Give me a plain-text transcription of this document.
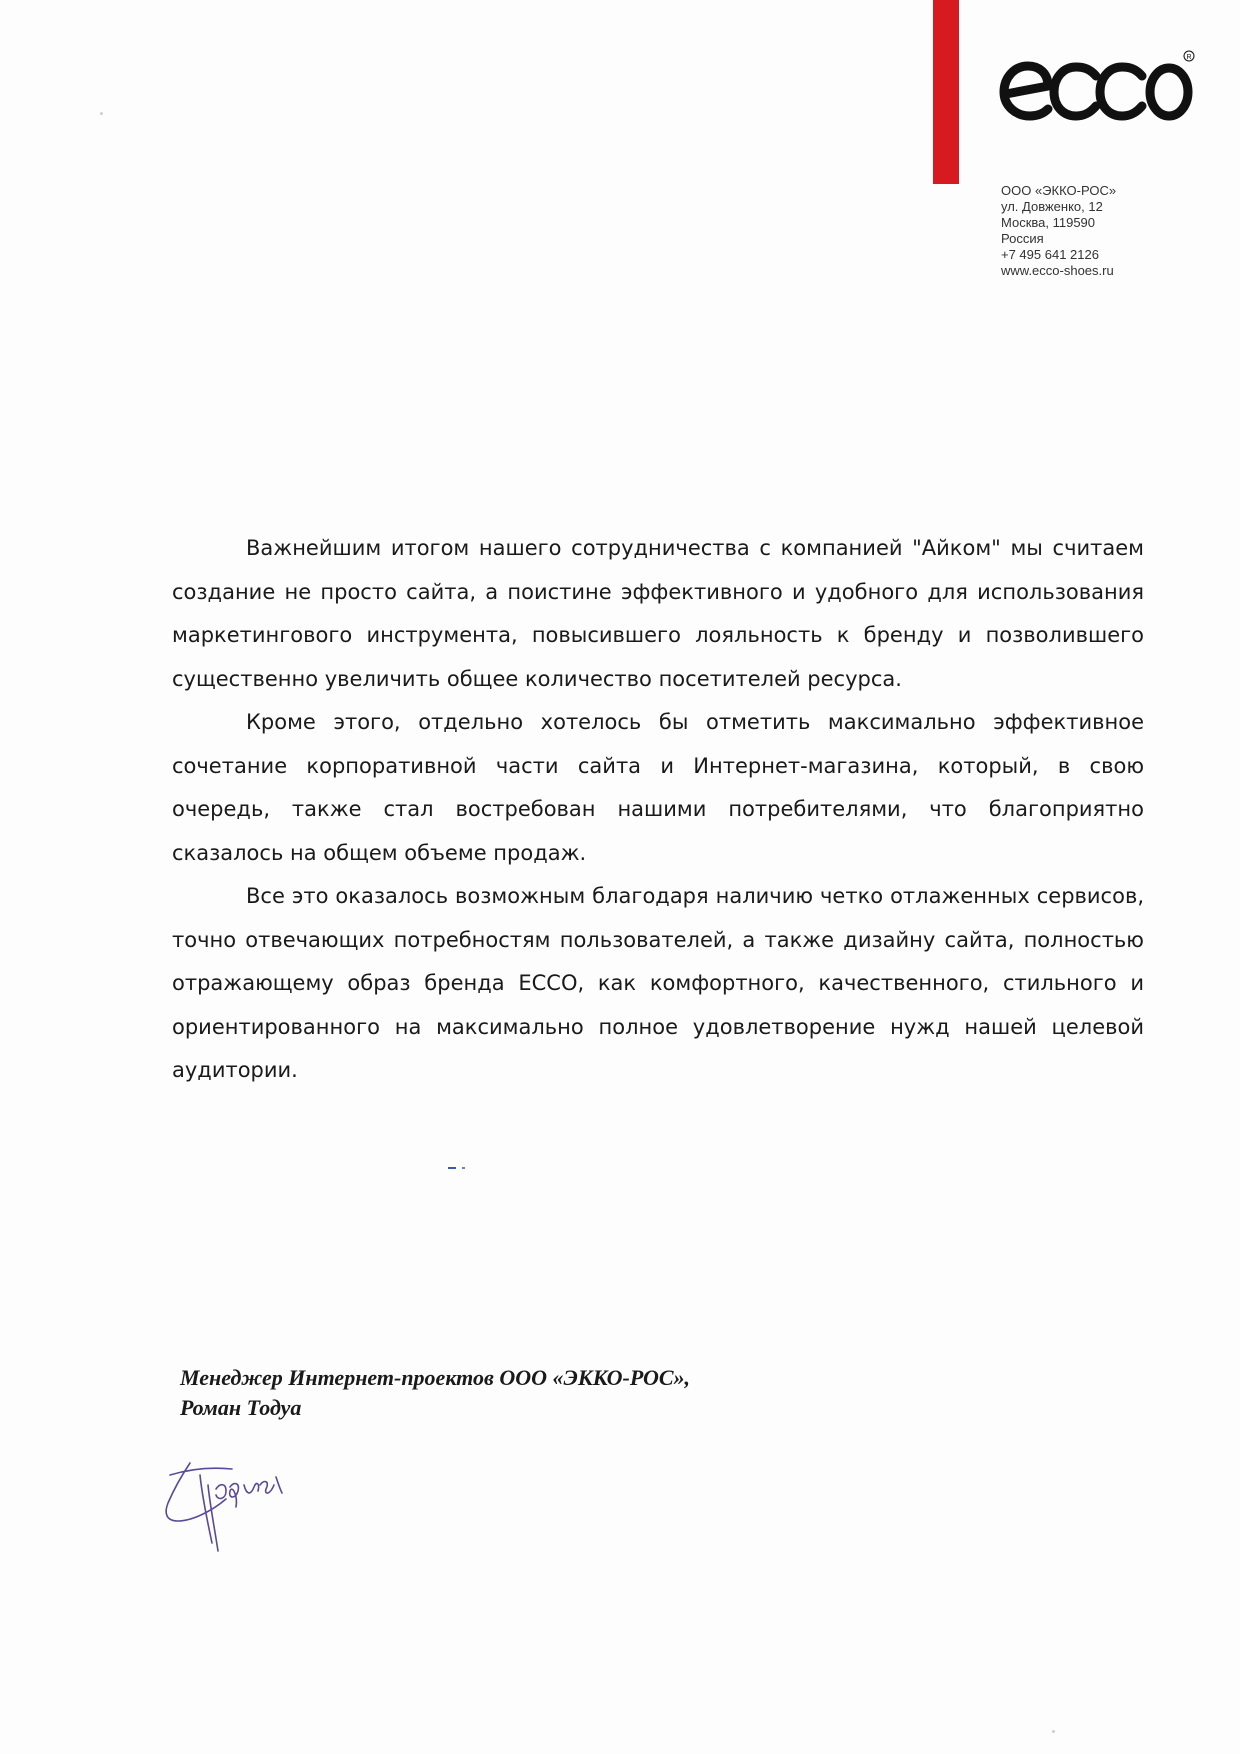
R
ООО «ЭККО-РОС»
ул. Довженко, 12
Москва, 119590
Россия
+7 495 641 2126
www.ecco-shoes.ru

Важнейшим итогом нашего сотрудничества с компанией "Айком" мы считаем создание не просто сайта, а поистине эффективного и удобного для использования маркетингового инструмента, повысившего лояльность к бренду и позволившего существенно увеличить общее количество посетителей ресурса.

Кроме этого, отдельно хотелось бы отметить максимально эффективное сочетание корпоративной части сайта и Интернет-магазина, который, в свою очередь, также стал востребован нашими потребителями, что благоприятно сказалось на общем объеме продаж.

Все это оказалось возможным благодаря наличию четко отлаженных сервисов, точно отвечающих потребностям пользователей, а также дизайну сайта, полностью отражающему образ бренда ECCO, как комфортного, качественного, стильного и ориентированного на максимально полное удовлетворение нужд нашей целевой аудитории.

Менеджер Интернет-проектов ООО «ЭККО-РОС»,
Роман Тодуа
